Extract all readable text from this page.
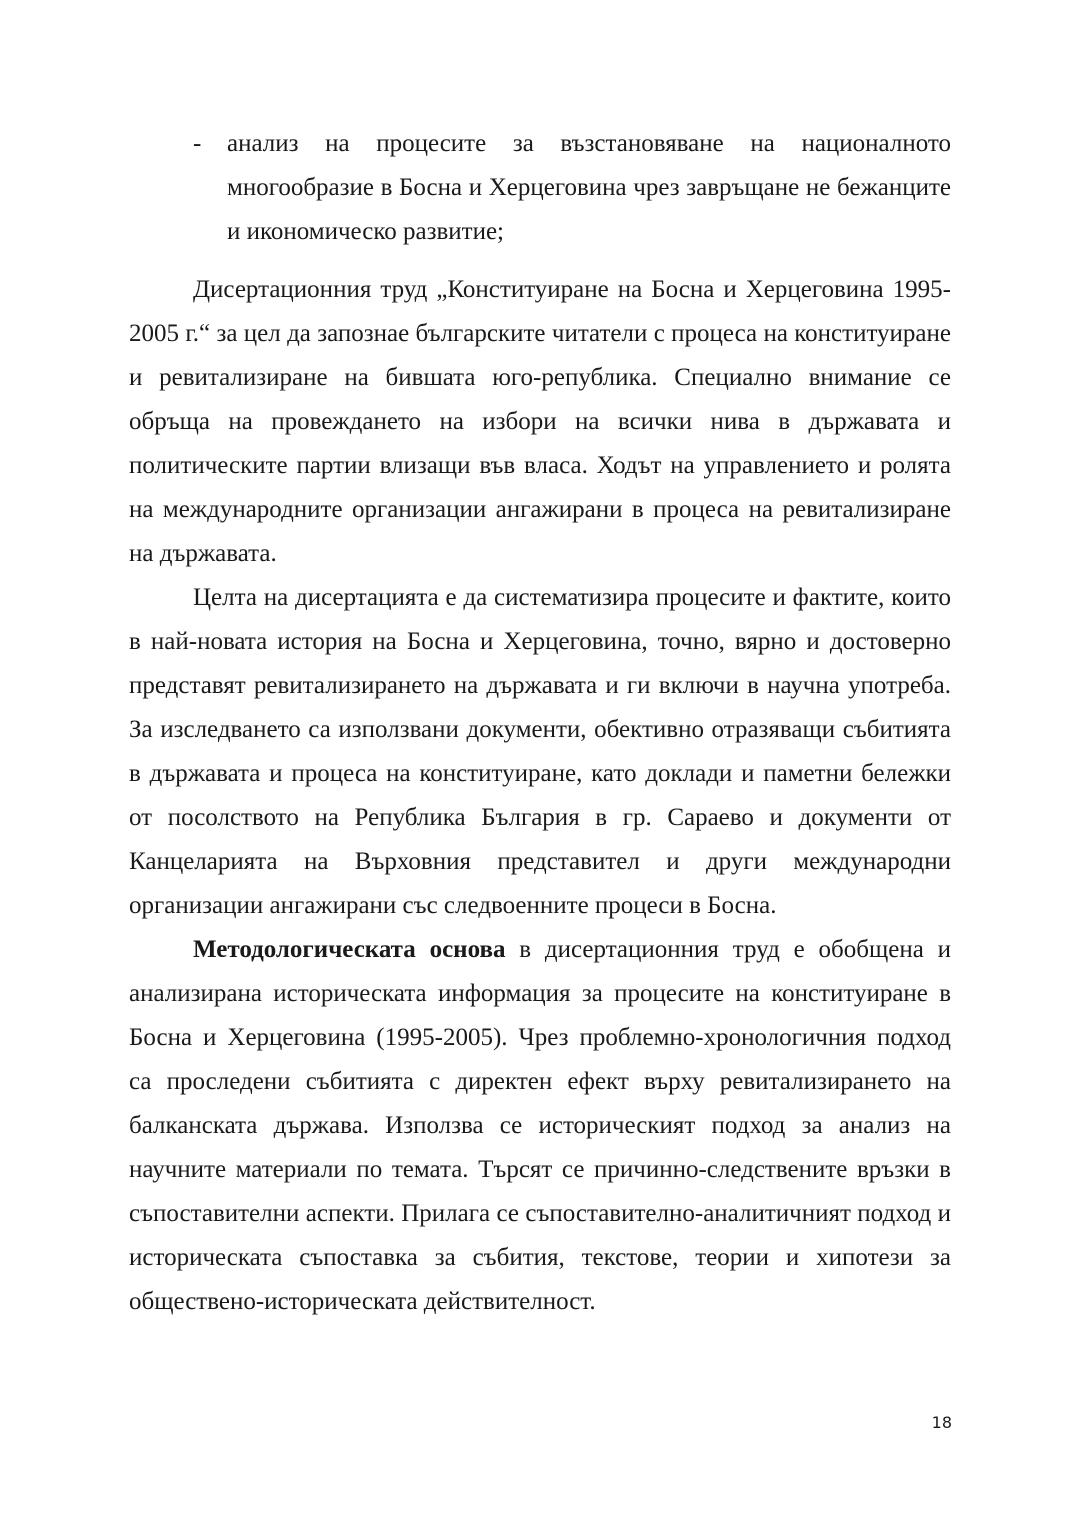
- анализ на процесите за възстановяване на националното многообразие в Босна и Херцеговина чрез завръщане не бежанците и икономическо развитие;

Дисертационния труд „Конституиране на Босна и Херцеговина 1995-2005 г.“ за цел да запознае българските читатели с процеса на конституиране и ревитализиране на бившата юго-република. Специално внимание се обръща на провеждането на избори на всички нива в държавата и политическите партии влизащи във власа. Ходът на управлението и ролята на международните организации ангажирани в процеса на ревитализиране на държавата.

Целта на дисертацията е да систематизира процесите и фактите, които в най-новата история на Босна и Херцеговина, точно, вярно и достоверно представят ревитализирането на държавата и ги включи в научна употреба. За изследването са използвани документи, обективно отразяващи събитията в държавата и процеса на конституиране, като доклади и паметни бележки от посолството на Република България в гр. Сараево и документи от Канцеларията на Върховния представител и други международни организации ангажирани със следвоенните процеси в Босна.

Методологическата основа в дисертационния труд е обобщена и анализирана историческата информация за процесите на конституиране в Босна и Херцеговина (1995-2005). Чрез проблемно-хронологичния подход са проследени събитията с директен ефект върху ревитализирането на балканската държава. Използва се историческият подход за анализ на научните материали по темата. Търсят се причинно-следствените връзки в съпоставителни аспекти. Прилага се съпоставително-аналитичният подход и историческата съпоставка за събития, текстове, теории и хипотези за обществено-историческата действителност.

18
